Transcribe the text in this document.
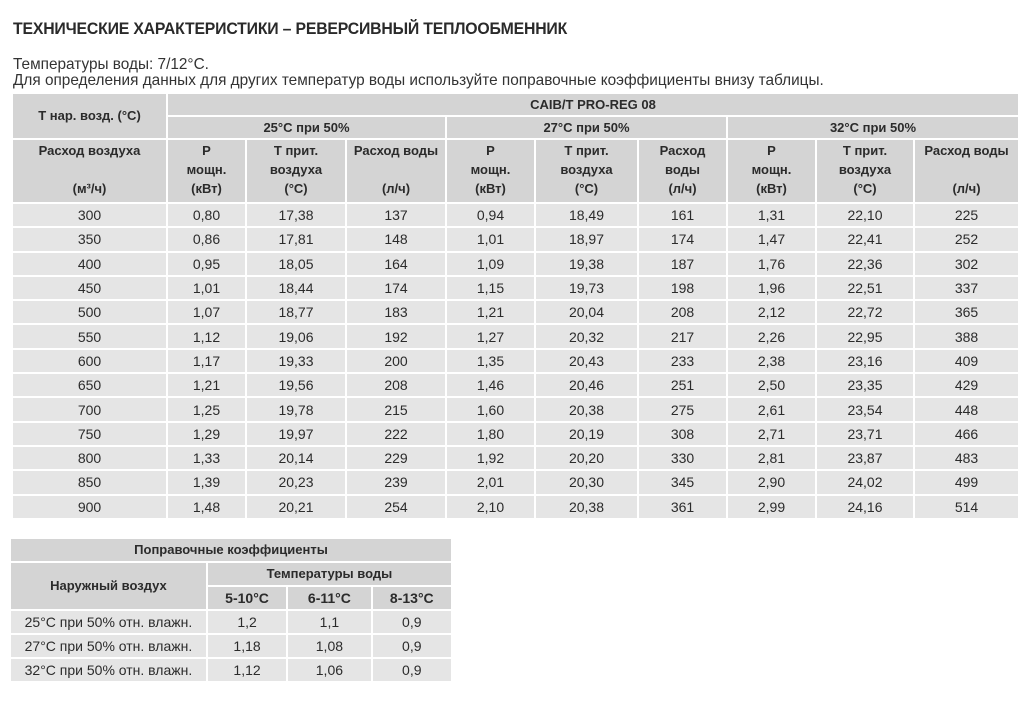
ТЕХНИЧЕСКИЕ ХАРАКТЕРИСТИКИ – РЕВЕРСИВНЫЙ ТЕПЛООБМЕННИК
Температуры воды: 7/12°C.
Для определения данных для других температур воды используйте поправочные коэффициенты внизу таблицы.
T нар. возд. (°C)	CAIB/T PRO-REG 08								
	25°C при 50%			27°C при 50%			32°C при 50%		

Расход воздуха
(м³/ч)	P
мощн.
(кВт)	T прит.
воздуха
(°C)	Расход воды

(л/ч)	P
мощн.
(кВт)	T прит.
воздуха
(°C)	Расход
воды
(л/ч)	P
мощн.
(кВт)	T прит.
воздуха
(°C)	Расход воды

(л/ч)

300	0,80	17,38	137	0,94	18,49	161	1,31	22,10	225
350	0,86	17,81	148	1,01	18,97	174	1,47	22,41	252
400	0,95	18,05	164	1,09	19,38	187	1,76	22,36	302
450	1,01	18,44	174	1,15	19,73	198	1,96	22,51	337
500	1,07	18,77	183	1,21	20,04	208	2,12	22,72	365
550	1,12	19,06	192	1,27	20,32	217	2,26	22,95	388
600	1,17	19,33	200	1,35	20,43	233	2,38	23,16	409
650	1,21	19,56	208	1,46	20,46	251	2,50	23,35	429
700	1,25	19,78	215	1,60	20,38	275	2,61	23,54	448
750	1,29	19,97	222	1,80	20,19	308	2,71	23,71	466
800	1,33	20,14	229	1,92	20,20	330	2,81	23,87	483
850	1,39	20,23	239	2,01	20,30	345	2,90	24,02	499
900	1,48	20,21	254	2,10	20,38	361	2,99	24,16	514
Поправочные коэффициенты			
Наружный воздух	Температуры воды		
	5-10°C	6-11°C	8-13°C
25°C при 50% отн. влажн.	1,2	1,1	0,9
27°C при 50% отн. влажн.	1,18	1,08	0,9
32°C при 50% отн. влажн.	1,12	1,06	0,9
